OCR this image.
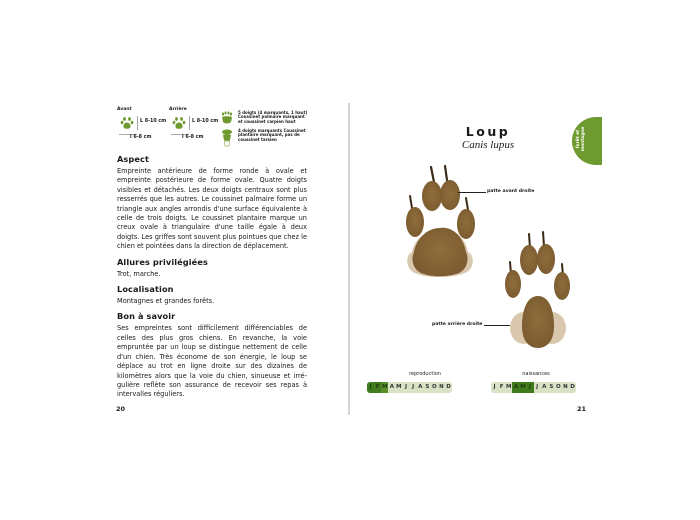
Avant
L 8-10 cm
l 6-8 cm
Arrière
L 8-10 cm
l 6-8 cm
5 doigts (4 marquants, 1 haut) Coussinet palmaire marquant et coussinet carpien haut
4 doigts marquants Coussinet plantaire marquant, pas de coussinet tarsien
Aspect

Empreinte antérieure de forme ronde à ovale et empreinte postérieure de forme ovale. Quatre doigts visibles et détachés. Les deux doigts centraux sont plus resserrés que les autres. Le coussinet palmaire forme un triangle aux angles arrondis d'une surface équivalente à celle de trois doigts. Le coussinet plantaire marque un creux ovale à triangulaire d'une taille égale à deux doigts. Les griffes sont souvent plus pointues que chez le chien et pointées dans la direction de déplacement.

Allures privilégiées

Trot, marche.

Localisation

Montagnes et grandes forêts.

Bon à savoir

Ses empreintes sont difficilement différenciables de celles des plus gros chiens. En revanche, la voie empruntée par un loup se distingue nettement de celle d'un chien. Très économe de son énergie, le loup se déplace au trot en ligne droite sur des dizaines de kilomètres alors que la voie du chien, sinueuse et irré-gulière reflète son assurance de recevoir ses repas à intervalles réguliers.

20
Loup
Canis lupus	forêt et montagne
patte avant droite
patte arrière droite
reproduction
J F M A M J J A S O N D
naissances
J F M A M J J A S O N D
21
